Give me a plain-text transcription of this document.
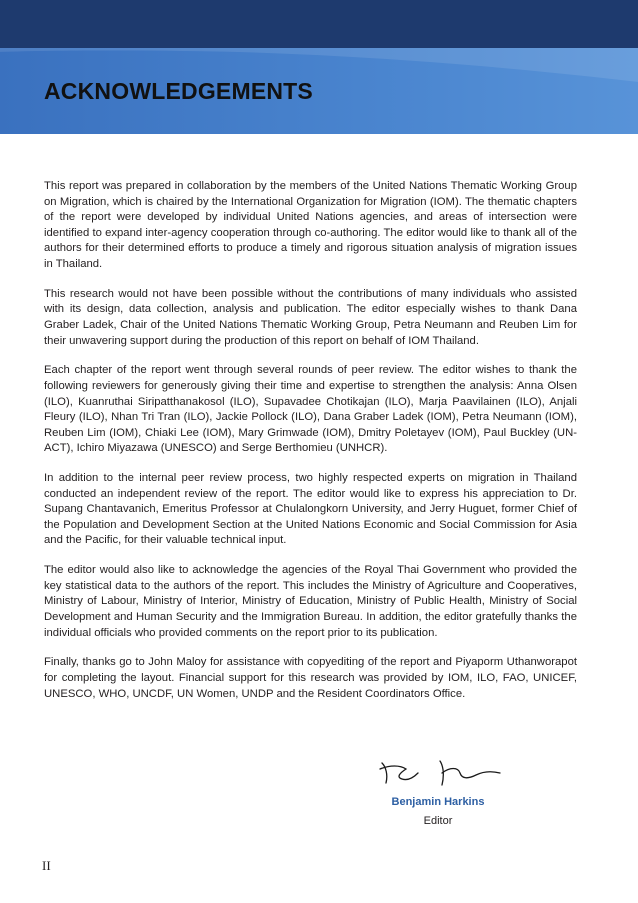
ACKNOWLEDGEMENTS

This report was prepared in collaboration by the members of the United Nations Thematic Working Group on Migration, which is chaired by the International Organization for Migration (IOM). The thematic chapters of the report were developed by individual United Nations agencies, and areas of intersection were identified to expand inter-agency cooperation through co-authoring. The editor would like to thank all of the authors for their determined efforts to produce a timely and rigorous situation analysis of migration issues in Thailand.

This research would not have been possible without the contributions of many individuals who assisted with its design, data collection, analysis and publication. The editor especially wishes to thank Dana Graber Ladek, Chair of the United Nations Thematic Working Group, Petra Neumann and Reuben Lim for their unwavering support during the production of this report on behalf of IOM Thailand.

Each chapter of the report went through several rounds of peer review. The editor wishes to thank the following reviewers for generously giving their time and expertise to strengthen the analysis: Anna Olsen (ILO), Kuanruthai Siripatthanakosol (ILO), Supavadee Chotikajan (ILO), Marja Paavilainen (ILO), Anjali Fleury (ILO), Nhan Tri Tran (ILO), Jackie Pollock (ILO), Dana Graber Ladek (IOM), Petra Neumann (IOM), Reuben Lim (IOM), Chiaki Lee (IOM), Mary Grimwade (IOM), Dmitry Poletayev (IOM), Paul Buckley (UN-ACT), Ichiro Miyazawa (UNESCO) and Serge Berthomieu (UNHCR).

In addition to the internal peer review process, two highly respected experts on migration in Thailand conducted an independent review of the report. The editor would like to express his appreciation to Dr. Supang Chantavanich, Emeritus Professor at Chulalongkorn University, and Jerry Huguet, former Chief of the Population and Development Section at the United Nations Economic and Social Commission for Asia and the Pacific, for their valuable technical input.

The editor would also like to acknowledge the agencies of the Royal Thai Government who provided the key statistical data to the authors of the report. This includes the Ministry of Agriculture and Cooperatives, Ministry of Labour, Ministry of Interior, Ministry of Education, Ministry of Public Health, Ministry of Social Development and Human Security and the Immigration Bureau. In addition, the editor gratefully thanks the individual officials who provided comments on the report prior to its publication.

Finally, thanks go to John Maloy for assistance with copyediting of the report and Piyaporm Uthanworapot for completing the layout. Financial support for this research was provided by IOM, ILO, FAO, UNICEF, UNESCO, WHO, UNCDF, UN Women, UNDP and the Resident Coordinators Office.

Benjamin Harkins
Editor
II
